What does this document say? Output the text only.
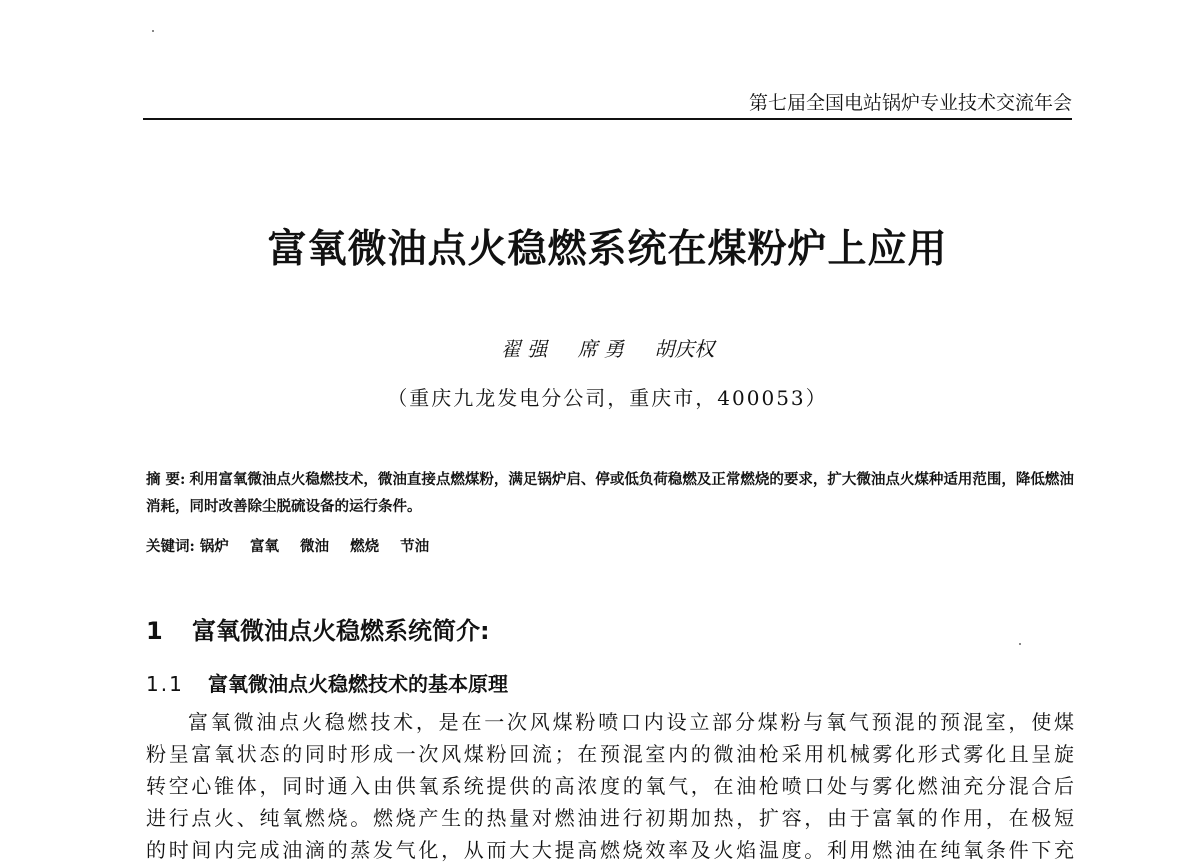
第七届全国电站锅炉专业技术交流年会
富氧微油点火稳燃系统在煤粉炉上应用
翟 强 席 勇 胡庆权
（重庆九龙发电分公司，重庆市，400053）
摘 要: 利用富氧微油点火稳燃技术，微油直接点燃煤粉，满足锅炉启、停或低负荷稳燃及正常燃烧的要求，扩大微油点火煤种适用范围，降低燃油消耗，同时改善除尘脱硫设备的运行条件。
关键词: 锅炉 富氧 微油 燃烧 节油
1 富氧微油点火稳燃系统简介:
1.1 富氧微油点火稳燃技术的基本原理
富氧微油点火稳燃技术，是在一次风煤粉喷口内设立部分煤粉与氧气预混的预混室，使煤
粉呈富氧状态的同时形成一次风煤粉回流；在预混室内的微油枪采用机械雾化形式雾化且呈旋
转空心锥体，同时通入由供氧系统提供的高浓度的氧气，在油枪喷口处与雾化燃油充分混合后
进行点火、纯氧燃烧。燃烧产生的热量对燃油进行初期加热，扩容，由于富氧的作用，在极短
的时间内完成油滴的蒸发气化，从而大大提高燃烧效率及火焰温度。利用燃油在纯氧条件下充
